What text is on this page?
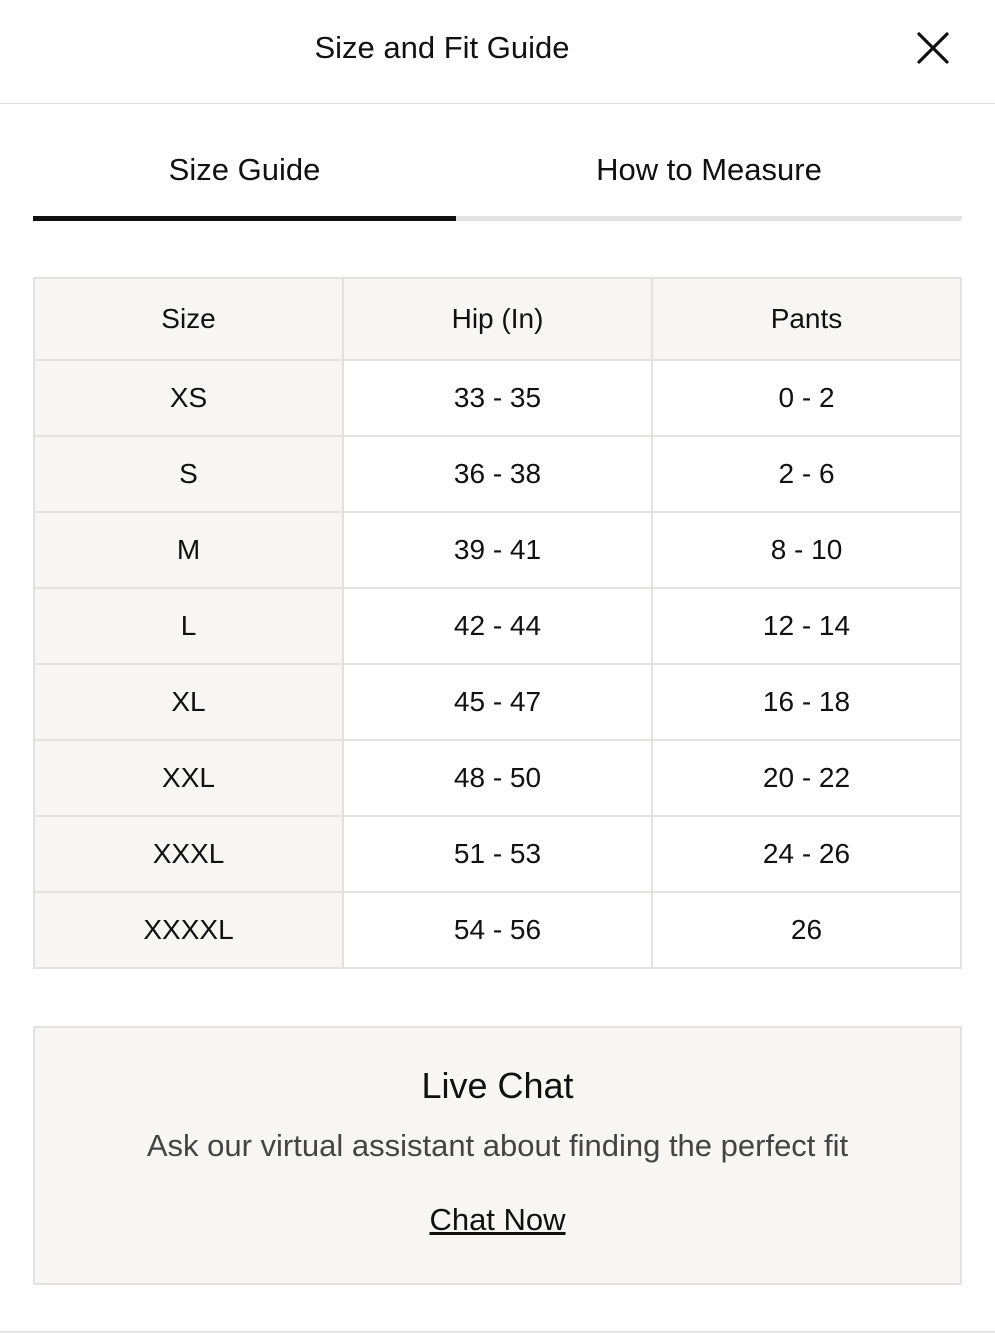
Size and Fit Guide
Size Guide	How to Measure
Size	Hip (In)	Pants
XS	33 - 35	0 - 2
S	36 - 38	2 - 6
M	39 - 41	8 - 10
L	42 - 44	12 - 14
XL	45 - 47	16 - 18
XXL	48 - 50	20 - 22
XXXL	51 - 53	24 - 26
XXXXL	54 - 56	26
Live Chat
Ask our virtual assistant about finding the perfect fit
Chat Now
